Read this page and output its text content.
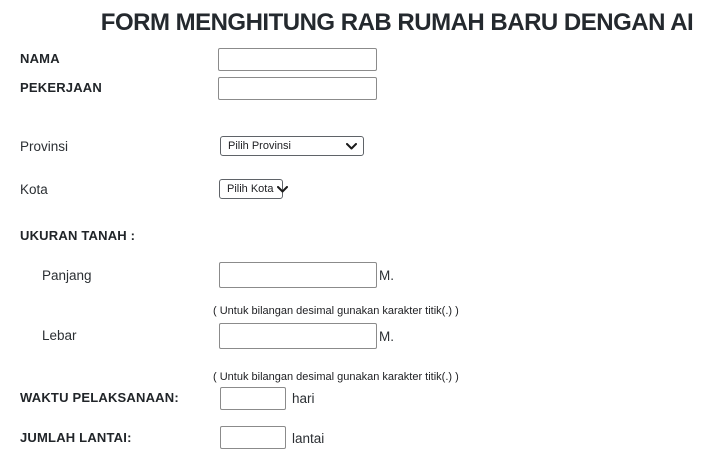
FORM MENGHITUNG RAB RUMAH BARU DENGAN AI
NAMA
PEKERJAAN
Provinsi	Pilih Provinsi
Kota	Pilih Kota
UKURAN TANAH :
Panjang	M.
( Untuk bilangan desimal gunakan karakter titik(.) )
Lebar	M.
( Untuk bilangan desimal gunakan karakter titik(.) )
WAKTU PELAKSANAAN:	hari
JUMLAH LANTAI:	lantai
